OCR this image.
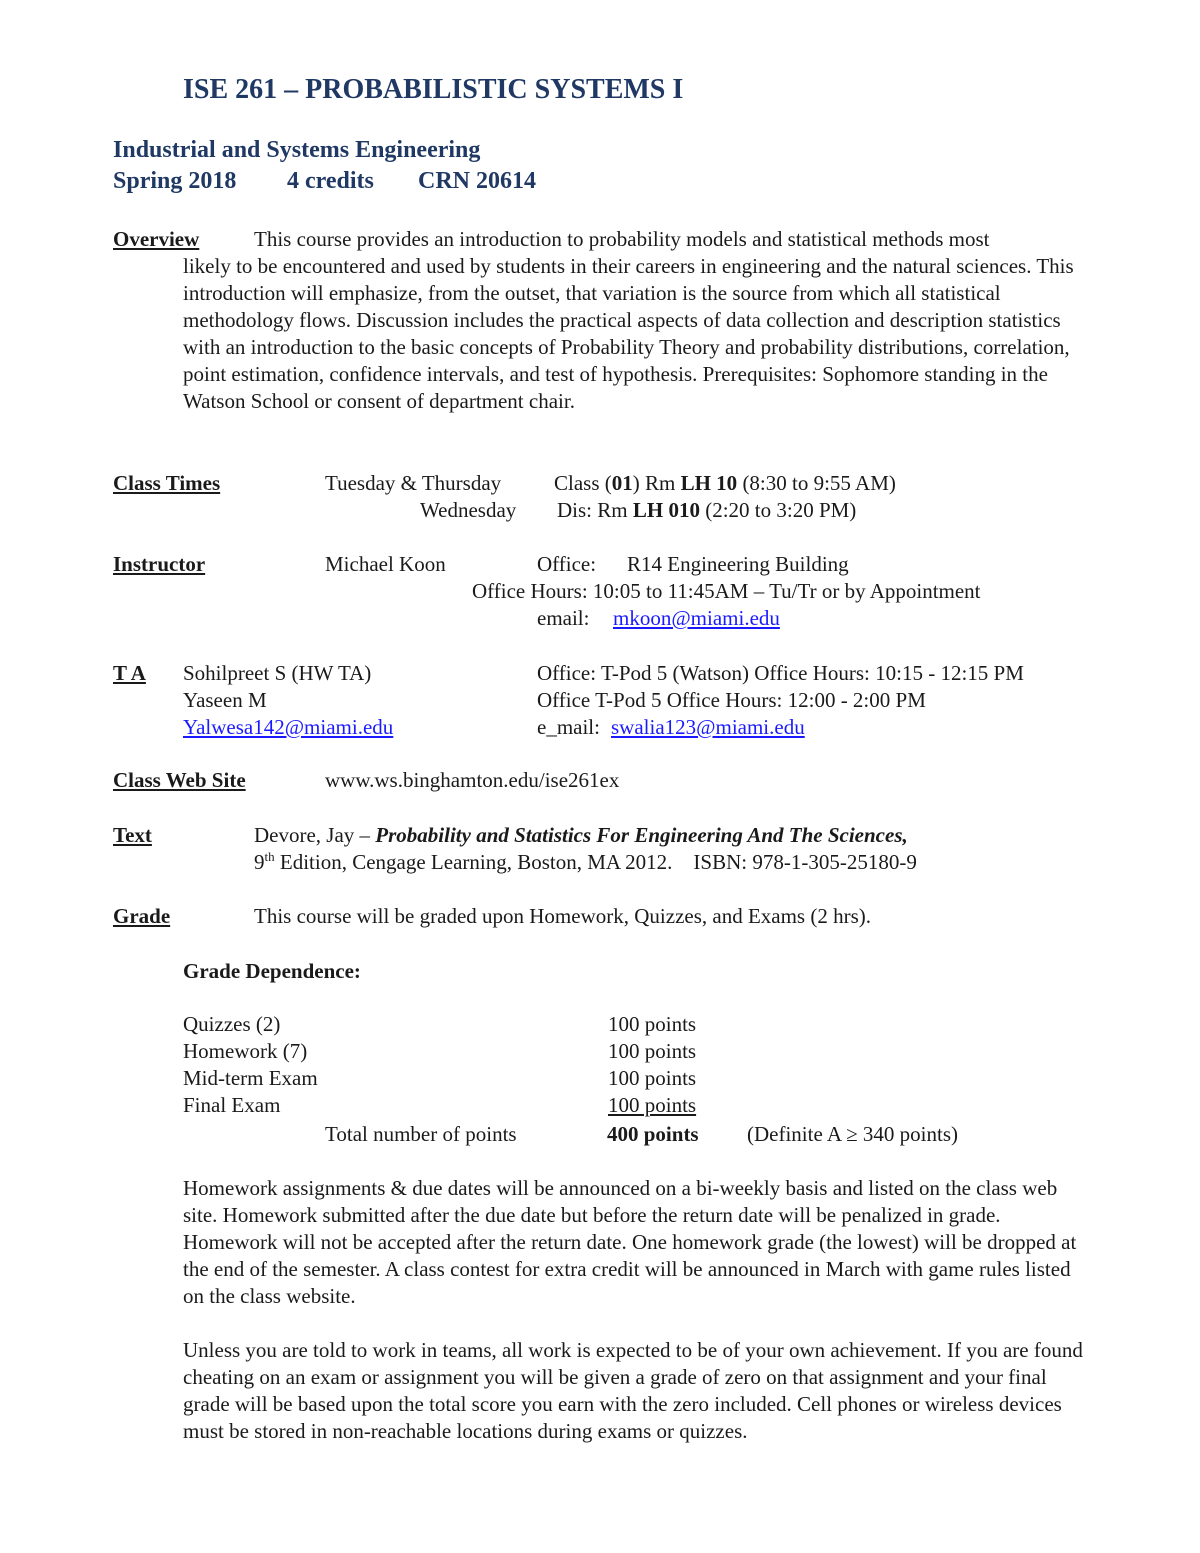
ISE 261 – PROBABILISTIC SYSTEMS I
Industrial and Systems Engineering
Spring 2018 4 credits CRN 20614
Overview	This course provides an introduction to probability models and statistical methods most
likely to be encountered and used by students in their careers in engineering and the natural sciences. This introduction will emphasize, from the outset, that variation is the source from which all statistical methodology flows. Discussion includes the practical aspects of data collection and description statistics with an introduction to the basic concepts of Probability Theory and probability distributions, correlation, point estimation, confidence intervals, and test of hypothesis. Prerequisites: Sophomore standing in the Watson School or consent of department chair.
Class Times	Tuesday & Thursday	Class (01) Rm LH 10 (8:30 to 9:55 AM)
Wednesday Dis: Rm LH 010 (2:20 to 3:20 PM)
Instructor	Michael Koon	Office: R14 Engineering Building
Office Hours: 10:05 to 11:45AM – Tu/Tr or by Appointment
email: mkoon@miami.edu
T A Sohilpreet S (HW TA)	Office: T-Pod 5 (Watson) Office Hours: 10:15 - 12:15 PM
Yaseen M	Office T-Pod 5 Office Hours: 12:00 - 2:00 PM
Yalwesa142@miami.edu	e_mail: swalia123@miami.edu
Class Web Site	www.ws.binghamton.edu/ise261ex
Text	Devore, Jay – Probability and Statistics For Engineering And The Sciences,
9th Edition, Cengage Learning, Boston, MA 2012.    ISBN: 978-1-305-25180-9
Grade	This course will be graded upon Homework, Quizzes, and Exams (2 hrs).
Grade Dependence:
Quizzes (2)	100 points
Homework (7)	100 points
Mid-term Exam	100 points
Final Exam	100 points
Total number of points	400 points (Definite A ≥ 340 points)
Homework assignments & due dates will be announced on a bi-weekly basis and listed on the class web site. Homework submitted after the due date but before the return date will be penalized in grade. Homework will not be accepted after the return date. One homework grade (the lowest) will be dropped at the end of the semester. A class contest for extra credit will be announced in March with game rules listed on the class website.
Unless you are told to work in teams, all work is expected to be of your own achievement. If you are found cheating on an exam or assignment you will be given a grade of zero on that assignment and your final grade will be based upon the total score you earn with the zero included. Cell phones or wireless devices must be stored in non-reachable locations during exams or quizzes.
